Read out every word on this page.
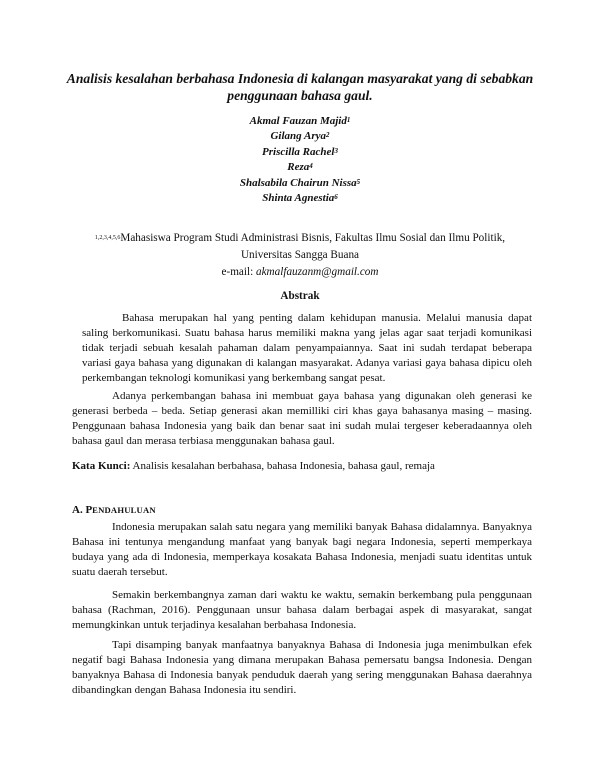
Analisis kesalahan berbahasa Indonesia di kalangan masyarakat yang di sebabkan penggunaan bahasa gaul.
Akmal Fauzan Majid$^1$
Gilang Arya$^2$
Priscilla Rachel$^3$
Reza$^4$
Shalsabila Chairun Nissa$^5$
Shinta Agnestia$^6$
$^{1,2,3,4,5,6}$Mahasiswa Program Studi Administrasi Bisnis, Fakultas Ilmu Sosial dan Ilmu Politik, Universitas Sangga Buana
e-mail: akmalfauzanm@gmail.com
Abstrak

Bahasa merupakan hal yang penting dalam kehidupan manusia. Melalui manusia dapat saling berkomunikasi. Suatu bahasa harus memiliki makna yang jelas agar saat terjadi komunikasi tidak terjadi sebuah kesalah pahaman dalam penyampaiannya. Saat ini sudah terdapat beberapa variasi gaya bahasa yang digunakan di kalangan masyarakat. Adanya variasi gaya bahasa dipicu oleh perkembangan teknologi komunikasi yang berkembang sangat pesat.

Adanya perkembangan bahasa ini membuat gaya bahasa yang digunakan oleh generasi ke generasi berbeda – beda. Setiap generasi akan memilliki ciri khas gaya bahasanya masing – masing. Penggunaan bahasa Indonesia yang baik dan benar saat ini sudah mulai tergeser keberadaannya oleh bahasa gaul dan merasa terbiasa menggunakan bahasa gaul.

Kata Kunci: Analisis kesalahan berbahasa, bahasa Indonesia, bahasa gaul, remaja
A. PENDAHULUAN

Indonesia merupakan salah satu negara yang memiliki banyak Bahasa didalamnya. Banyaknya Bahasa ini tentunya mengandung manfaat yang banyak bagi negara Indonesia, seperti memperkaya budaya yang ada di Indonesia, memperkaya kosakata Bahasa Indonesia, menjadi suatu identitas untuk suatu daerah tersebut.

Semakin berkembangnya zaman dari waktu ke waktu, semakin berkembang pula penggunaan bahasa (Rachman, 2016). Penggunaan unsur bahasa dalam berbagai aspek di masyarakat, sangat memungkinkan untuk terjadinya kesalahan berbahasa Indonesia.

Tapi disamping banyak manfaatnya banyaknya Bahasa di Indonesia juga menimbulkan efek negatif bagi Bahasa Indonesia yang dimana merupakan Bahasa pemersatu bangsa Indonesia. Dengan banyaknya Bahasa di Indonesia banyak penduduk daerah yang sering menggunakan Bahasa daerahnya dibandingkan dengan Bahasa Indonesia itu sendiri.
